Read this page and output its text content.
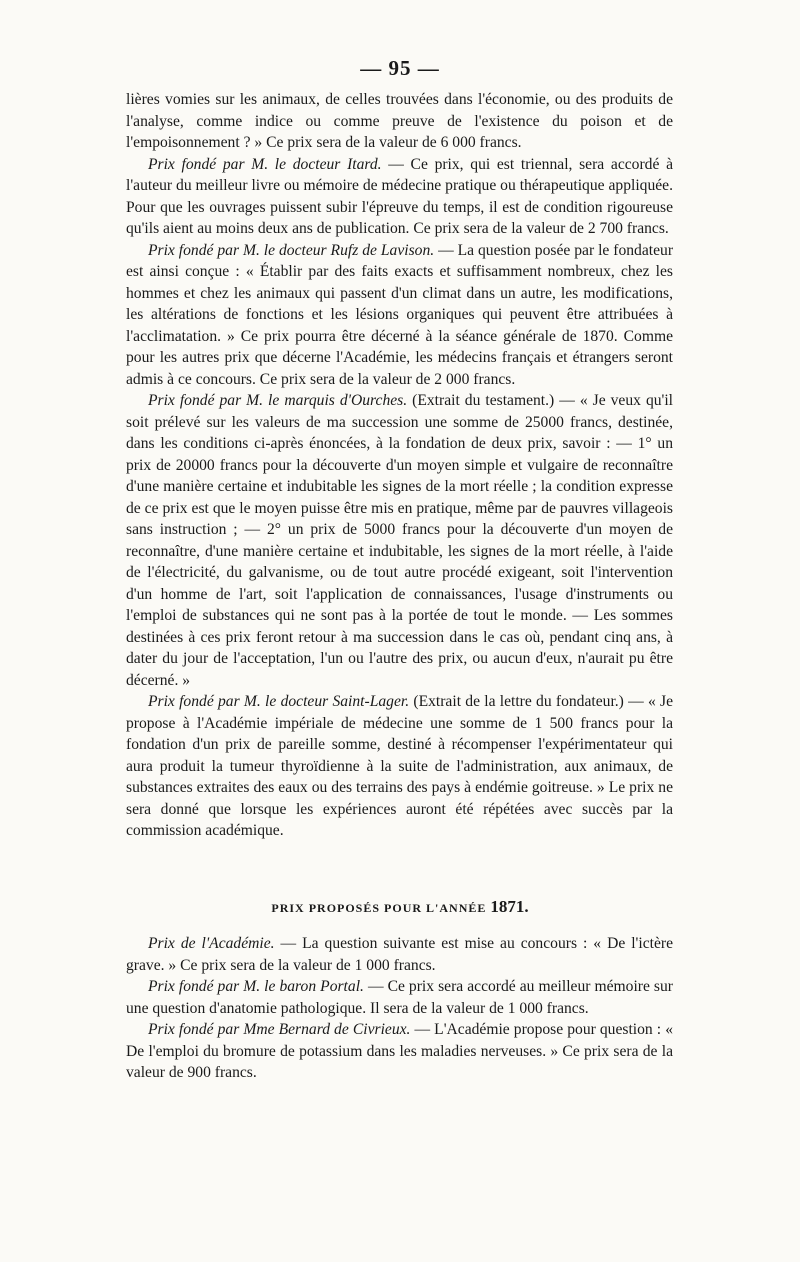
— 95 —

lières vomies sur les animaux, de celles trouvées dans l'économie, ou des produits de l'analyse, comme indice ou comme preuve de l'existence du poison et de l'empoisonnement ? » Ce prix sera de la valeur de 6 000 francs.

Prix fondé par M. le docteur Itard. — Ce prix, qui est triennal, sera accordé à l'auteur du meilleur livre ou mémoire de médecine pratique ou thérapeutique appliquée. Pour que les ouvrages puissent subir l'épreuve du temps, il est de condition rigoureuse qu'ils aient au moins deux ans de publication. Ce prix sera de la valeur de 2 700 francs.

Prix fondé par M. le docteur Rufz de Lavison. — La question posée par le fondateur est ainsi conçue : « Établir par des faits exacts et suffisamment nombreux, chez les hommes et chez les animaux qui passent d'un climat dans un autre, les modifications, les altérations de fonctions et les lésions organiques qui peuvent être attribuées à l'acclimatation. » Ce prix pourra être décerné à la séance générale de 1870. Comme pour les autres prix que décerne l'Académie, les médecins français et étrangers seront admis à ce concours. Ce prix sera de la valeur de 2 000 francs.

Prix fondé par M. le marquis d'Ourches. (Extrait du testament.) — « Je veux qu'il soit prélevé sur les valeurs de ma succession une somme de 25000 francs, destinée, dans les conditions ci-après énoncées, à la fondation de deux prix, savoir : — 1° un prix de 20000 francs pour la découverte d'un moyen simple et vulgaire de reconnaître d'une manière certaine et indubitable les signes de la mort réelle ; la condition expresse de ce prix est que le moyen puisse être mis en pratique, même par de pauvres villageois sans instruction ; — 2° un prix de 5000 francs pour la découverte d'un moyen de reconnaître, d'une manière certaine et indubitable, les signes de la mort réelle, à l'aide de l'électricité, du galvanisme, ou de tout autre procédé exigeant, soit l'intervention d'un homme de l'art, soit l'application de connaissances, l'usage d'instruments ou l'emploi de substances qui ne sont pas à la portée de tout le monde. — Les sommes destinées à ces prix feront retour à ma succession dans le cas où, pendant cinq ans, à dater du jour de l'acceptation, l'un ou l'autre des prix, ou aucun d'eux, n'aurait pu être décerné. »

Prix fondé par M. le docteur Saint-Lager. (Extrait de la lettre du fondateur.) — « Je propose à l'Académie impériale de médecine une somme de 1 500 francs pour la fondation d'un prix de pareille somme, destiné à récompenser l'expérimentateur qui aura produit la tumeur thyroïdienne à la suite de l'administration, aux animaux, de substances extraites des eaux ou des terrains des pays à endémie goitreuse. » Le prix ne sera donné que lorsque les expériences auront été répétées avec succès par la commission académique.

PRIX PROPOSÉS POUR L'ANNÉE 1871.

Prix de l'Académie. — La question suivante est mise au concours : « De l'ictère grave. » Ce prix sera de la valeur de 1 000 francs.

Prix fondé par M. le baron Portal. — Ce prix sera accordé au meilleur mémoire sur une question d'anatomie pathologique. Il sera de la valeur de 1 000 francs.

Prix fondé par Mme Bernard de Civrieux. — L'Académie propose pour question : « De l'emploi du bromure de potassium dans les maladies nerveuses. » Ce prix sera de la valeur de 900 francs.
